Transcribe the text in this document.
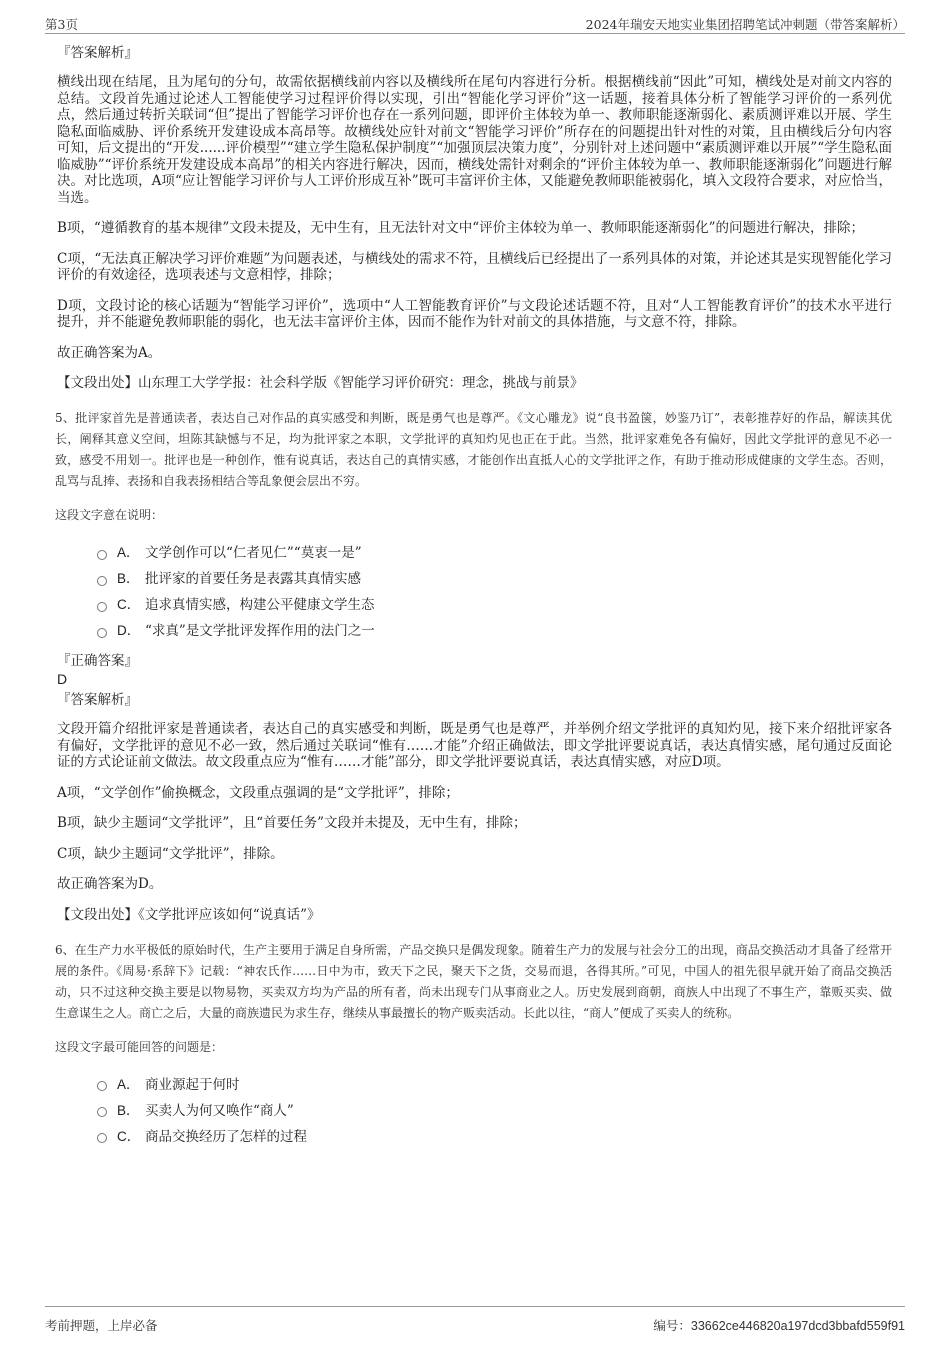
第3页	2024年瑞安天地实业集团招聘笔试冲刺题（带答案解析）

『答案解析』

横线出现在结尾，且为尾句的分句，故需依据横线前内容以及横线所在尾句内容进行分析。根据横线前“因此”可知，横线处是对前文内容的总结。文段首先通过论述人工智能使学习过程评价得以实现，引出“智能化学习评价”这一话题，接着具体分析了智能学习评价的一系列优点，然后通过转折关联词“但”提出了智能学习评价也存在一系列问题，即评价主体较为单一、教师职能逐渐弱化、素质测评难以开展、学生隐私面临威胁、评价系统开发建设成本高昂等。故横线处应针对前文“智能学习评价”所存在的问题提出针对性的对策，且由横线后分句内容可知，后文提出的“开发......评价模型”“建立学生隐私保护制度”“加强顶层决策力度”，分别针对上述问题中“素质测评难以开展”“学生隐私面临威胁”“评价系统开发建设成本高昂”的相关内容进行解决，因而，横线处需针对剩余的“评价主体较为单一、教师职能逐渐弱化”问题进行解决。对比选项，A项“应让智能学习评价与人工评价形成互补”既可丰富评价主体，又能避免教师职能被弱化，填入文段符合要求，对应恰当，当选。

B项，“遵循教育的基本规律”文段未提及，无中生有，且无法针对文中“评价主体较为单一、教师职能逐渐弱化”的问题进行解决，排除；

C项，“无法真正解决学习评价难题”为问题表述，与横线处的需求不符，且横线后已经提出了一系列具体的对策，并论述其是实现智能化学习评价的有效途径，选项表述与文意相悖，排除；

D项，文段讨论的核心话题为“智能学习评价”，选项中“人工智能教育评价”与文段论述话题不符，且对“人工智能教育评价”的技术水平进行提升，并不能避免教师职能的弱化，也无法丰富评价主体，因而不能作为针对前文的具体措施，与文意不符，排除。

故正确答案为A。

【文段出处】山东理工大学学报：社会科学版《智能学习评价研究：理念，挑战与前景》

5、批评家首先是普通读者，表达自己对作品的真实感受和判断，既是勇气也是尊严。《文心雕龙》说“良书盈箧，妙鉴乃订”，表彰推荐好的作品，解读其优长，阐释其意义空间，坦陈其缺憾与不足，均为批评家之本职，文学批评的真知灼见也正在于此。当然，批评家难免各有偏好，因此文学批评的意见不必一致，感受不用划一。批评也是一种创作，惟有说真话，表达自己的真情实感，才能创作出直抵人心的文学批评之作，有助于推动形成健康的文学生态。否则，乱骂与乱捧、表扬和自我表扬相结合等乱象便会层出不穷。

这段文字意在说明：

A． 文学创作可以“仁者见仁”“莫衷一是”
B． 批评家的首要任务是表露其真情实感
C． 追求真情实感，构建公平健康文学生态
D． “求真”是文学批评发挥作用的法门之一

『正确答案』

D

『答案解析』

文段开篇介绍批评家是普通读者，表达自己的真实感受和判断，既是勇气也是尊严，并举例介绍文学批评的真知灼见，接下来介绍批评家各有偏好，文学批评的意见不必一致，然后通过关联词“惟有……才能”介绍正确做法，即文学批评要说真话，表达真情实感，尾句通过反面论证的方式论证前文做法。故文段重点应为“惟有……才能”部分，即文学批评要说真话，表达真情实感，对应D项。

A项，“文学创作”偷换概念，文段重点强调的是“文学批评”，排除；

B项，缺少主题词“文学批评”，且“首要任务”文段并未提及，无中生有，排除；

C项，缺少主题词“文学批评”，排除。

故正确答案为D。

【文段出处】《文学批评应该如何“说真话”》

6、在生产力水平极低的原始时代，生产主要用于满足自身所需，产品交换只是偶发现象。随着生产力的发展与社会分工的出现，商品交换活动才具备了经常开展的条件。《周易·系辞下》记载：“神农氏作……日中为市，致天下之民，聚天下之货，交易而退，各得其所。”可见，中国人的祖先很早就开始了商品交换活动，只不过这种交换主要是以物易物，买卖双方均为产品的所有者，尚未出现专门从事商业之人。历史发展到商朝，商族人中出现了不事生产，靠贩买卖、做生意谋生之人。商亡之后，大量的商族遗民为求生存，继续从事最擅长的物产贩卖活动。长此以往，“商人”便成了买卖人的统称。

这段文字最可能回答的问题是：

A． 商业源起于何时
B． 买卖人为何又唤作“商人”
C． 商品交换经历了怎样的过程
考前押题，上岸必备	编号：33662ce446820a197dcd3bbafd559f91
